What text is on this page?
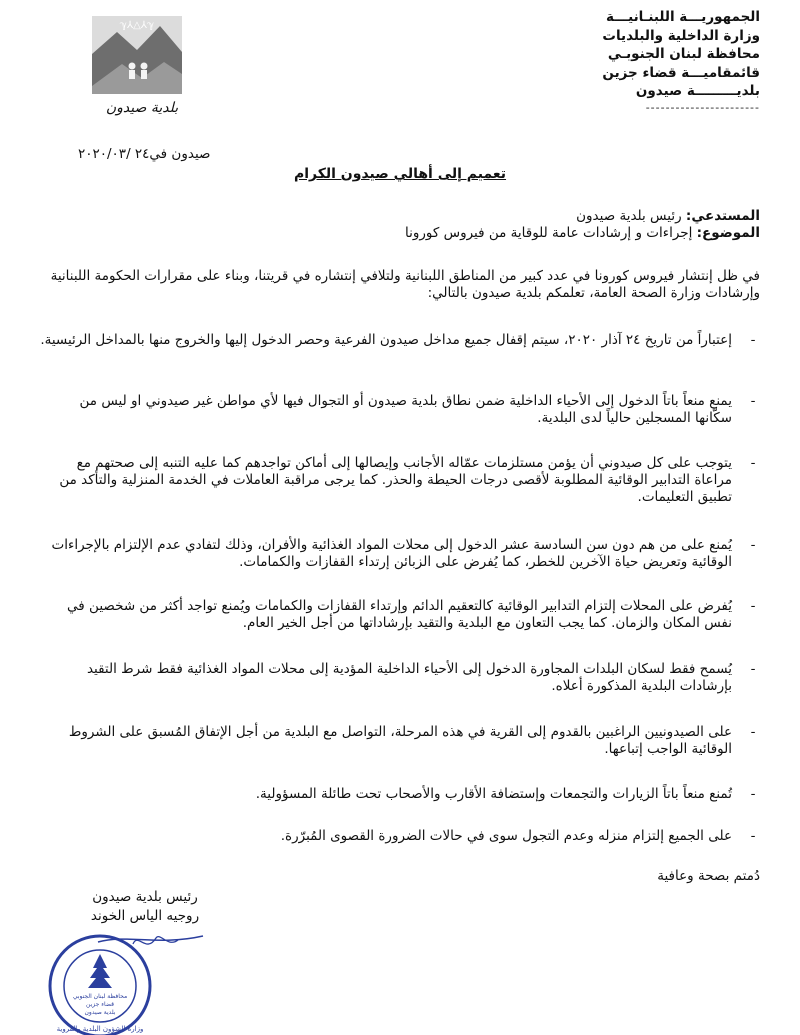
الجمهوريـــة اللبنـانيـــة
وزارة الداخلية والبلديات
محافظة لبنان الجنوبـي
قائمقاميـــة قضاء جزين
بلديـــــــــة صيدون
-----------------------
ℽ⅄△⅄ℽ
بلدية صيدون
صيدون في٢٤ /٢٠٢٠/٠٣
تعميم إلى أهالي صيدون الكرام
المستدعي: رئيس بلدية صيدون
الموضوع: إجراءات و إرشادات عامة للوقاية من فيروس كورونا
في ظل إنتشار فيروس كورونا في عدد كبير من المناطق اللبنانية ولتلافي إنتشاره في قريتنا، وبناء على مقرارات الحكومة اللبنانية وإرشادات وزارة الصحة العامة، تعلمكم بلدية صيدون بالتالي:
-
إعتباراً من تاريخ ٢٤ آذار ٢٠٢٠، سيتم إقفال جميع مداخل صيدون الفرعية وحصر الدخول إليها والخروج منها بالمداخل الرئيسية.
-
يمنع منعاً باتاً الدخول إلى الأحياء الداخلية ضمن نطاق بلدية صيدون أو التجوال فيها لأي مواطن غير صيدوني او ليس من سكّانها المسجلين حالياً لدى البلدية.
-
يتوجب على كل صيدوني أن يؤمن مستلزمات عمّاله الأجانب وإيصالها إلى أماكن تواجدهم كما عليه التنبه إلى صحتهم مع مراعاة التدابير الوقائية المطلوبة لأقصى درجات الحيطة والحذر. كما يرجى مراقبة العاملات في الخدمة المنزلية والتأكد من تطبيق التعليمات.
-
يُمنع على من هم دون سن السادسة عشر الدخول إلى محلات المواد الغذائية والأفران، وذلك لتفادي عدم الإلتزام بالإجراءات الوقائية وتعريض حياة الآخرين للخطر، كما يُفرض على الزبائن إرتداء القفازات والكمامات.
-
يُفرض على المحلات إلتزام التدابير الوقائية كالتعقيم الدائم وإرتداء القفازات والكمامات ويُمنع تواجد أكثر من شخصين في نفس المكان والزمان. كما يجب التعاون مع البلدية والتقيد بإرشاداتها من أجل الخير العام.
-
يُسمح فقط لسكان البلدات المجاورة الدخول إلى الأحياء الداخلية المؤدية إلى محلات المواد الغذائية فقط شرط التقيد بإرشادات البلدية المذكورة أعلاه.
-
على الصيدونيين الراغبين بالقدوم إلى القرية في هذه المرحلة، التواصل مع البلدية من أجل الإتفاق المُسبق على الشروط الوقائية الواجب إتباعها.
-
تُمنع منعاً باتاً الزيارات والتجمعات وإستضافة الأقارب والأصحاب تحت طائلة المسؤولية.
-
على الجميع إلتزام منزله وعدم التجول سوى في حالات الضرورة القصوى المُبرّرة.
دُمتم بصحة وعافية
رئيس بلدية صيدون
روجيه الياس الخوند
محافظة لبنان الجنوبي
قضاء جزين
بلدية صيدون
وزارة الشؤون البلدية والقروية
